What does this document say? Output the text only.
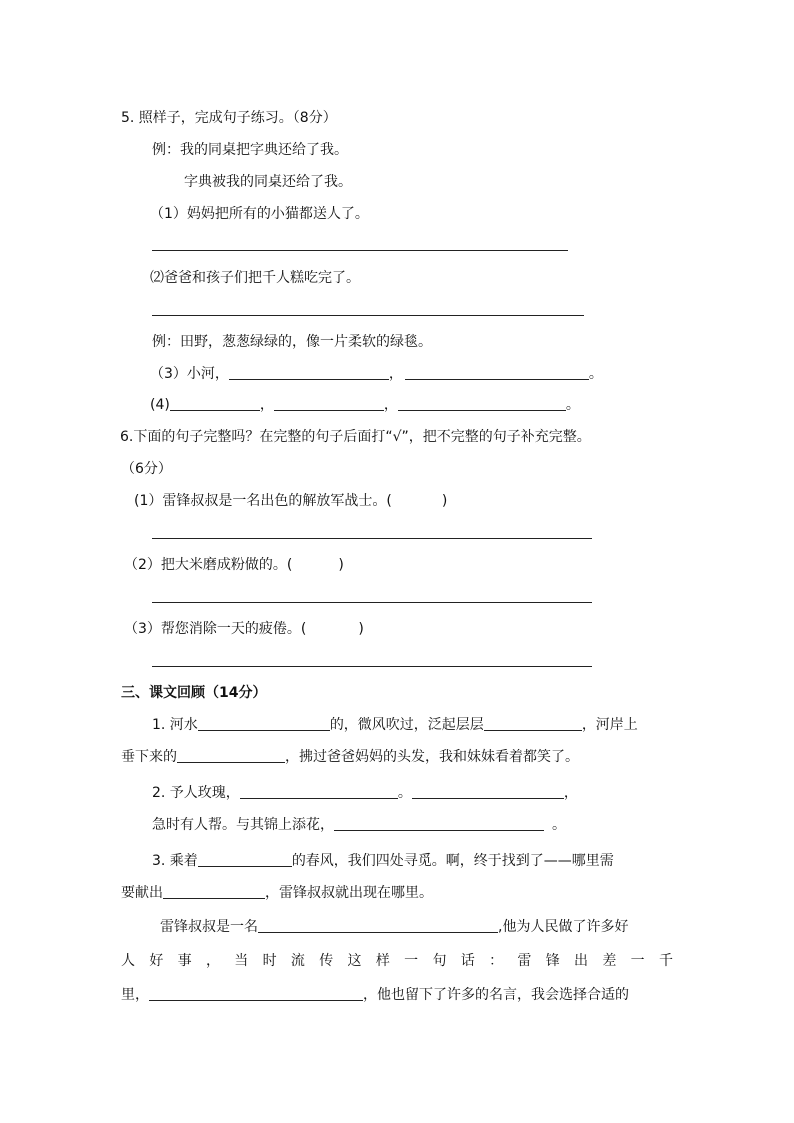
5. 照样子，完成句子练习。（8分）
例：我的同桌把字典还给了我。
字典被我的同桌还给了我。
（1）妈妈把所有的小猫都送人了。
⑵爸爸和孩子们把千人糕吃完了。
例：田野，葱葱绿绿的，像一片柔软的绿毯。
（3）小河，	，	。
(4)	，	，	。
6.下面的句子完整吗？在完整的句子后面打“√”，把不完整的句子补充完整。
（6分）
(1）雷锋叔叔是一名出色的解放军战士。(	)
（2）把大米磨成粉做的。(	)
（3）帮您消除一天的疲倦。(	)
三、课文回顾（14分）
1. 河水	的，微风吹过，泛起层层	，河岸上
垂下来的	，拂过爸爸妈妈的头发，我和妹妹看着都笑了。
2. 予人玫瑰，	。	，
急时有人帮。与其锦上添花，	。
3. 乘着	的春风，我们四处寻觅。啊，终于找到了——哪里需
要献出	，雷锋叔叔就出现在哪里。
雷锋叔叔是一名	,他为人民做了许多好
人 好 事 ， 当 时 流 传 这 样 一 句 话 ： 雷 锋 出 差 一 千
里，	，他也留下了许多的名言，我会选择合适的
